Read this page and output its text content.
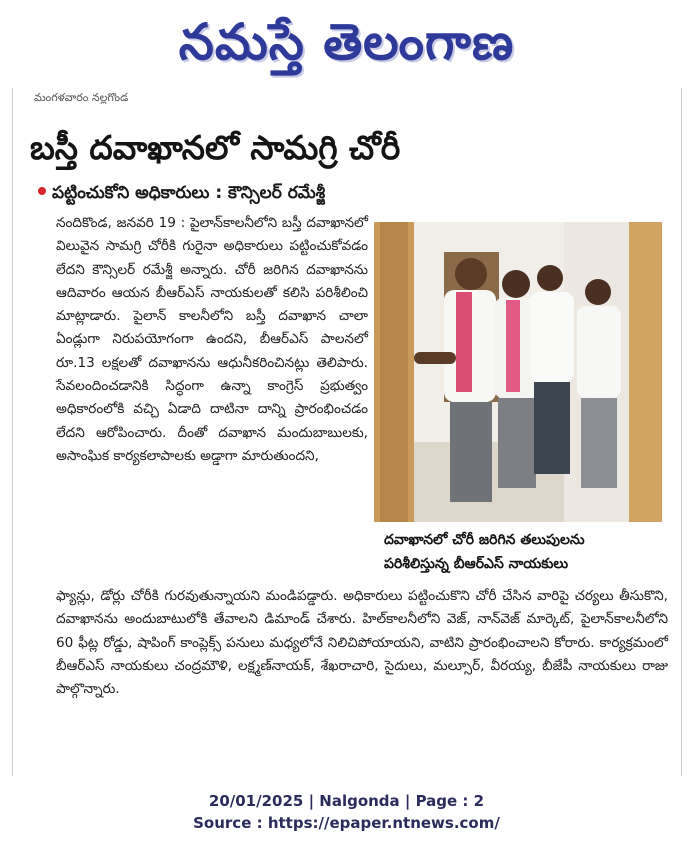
నమస్తే తెలంగాణ
మంగళవారం నల్లగొండ
బస్తీ దవాఖానలో సామగ్రి చోరీ
పట్టించుకోని అధికారులు : కౌన్సిలర్ రమేశ్జీ

నందికొండ, జనవరి 19 : పైలాన్‌కాలనీలోని బస్తీ దవాఖానలో విలువైన సామగ్రి చోరీకి గురైనా అధికారులు పట్టించుకోవడం లేదని కౌన్సిలర్ రమేశ్జీ అన్నారు. చోరీ జరిగిన దవాఖానను ఆదివారం ఆయన బీఆర్‌ఎస్ నాయకులతో కలిసి పరిశీలించి మాట్లాడారు. పైలాన్ కాలనీలోని బస్తీ దవాఖాన చాలా ఏండ్లుగా నిరుపయోగంగా ఉందని, బీఆర్‌ఎస్ పాలనలో రూ.13 లక్షలతో దవాఖానను ఆధునీకరించినట్లు తెలిపారు. సేవలందించడానికి సిద్ధంగా ఉన్నా కాంగ్రెస్ ప్రభుత్వం అధికారంలోకి వచ్చి ఏడాది దాటినా దాన్ని ప్రారంభించడం లేదని ఆరోపించారు. దీంతో దవాఖాన మందుబాబులకు, అసాంఘిక కార్యకలాపాలకు అడ్డాగా మారుతుందని,

దవాఖానలో చోరీ జరిగిన తలుపులను
పరిశీలిస్తున్న బీఆర్‌ఎస్ నాయకులు

ఫ్యాన్లు, డోర్లు చోరీకి గురవుతున్నాయని మండిపడ్డారు. అధికారులు పట్టించుకొని చోరీ చేసిన వారిపై చర్యలు తీసుకొని, దవాఖానను అందుబాటులోకి తేవాలని డిమాండ్ చేశారు. హిల్‌కాలనీలోని వెజ్, నాన్‌వెజ్ మార్కెట్, పైలాన్‌కాలనీలోని 60 ఫీట్ల రోడ్డు, షాపింగ్ కాంప్లెక్స్ పనులు మధ్యలోనే నిలిచిపోయాయని, వాటిని ప్రారంభించాలని కోరారు. కార్యక్రమంలో బీఆర్‌ఎస్ నాయకులు చంద్రమౌళి, లక్ష్మణ్‌నాయక్, శేఖరాచారి, సైదులు, మల్సూర్, వీరయ్య, బీజేపీ నాయకులు రాజు పాల్గొన్నారు.

20/01/2025 | Nalgonda | Page : 2
Source : https://epaper.ntnews.com/
